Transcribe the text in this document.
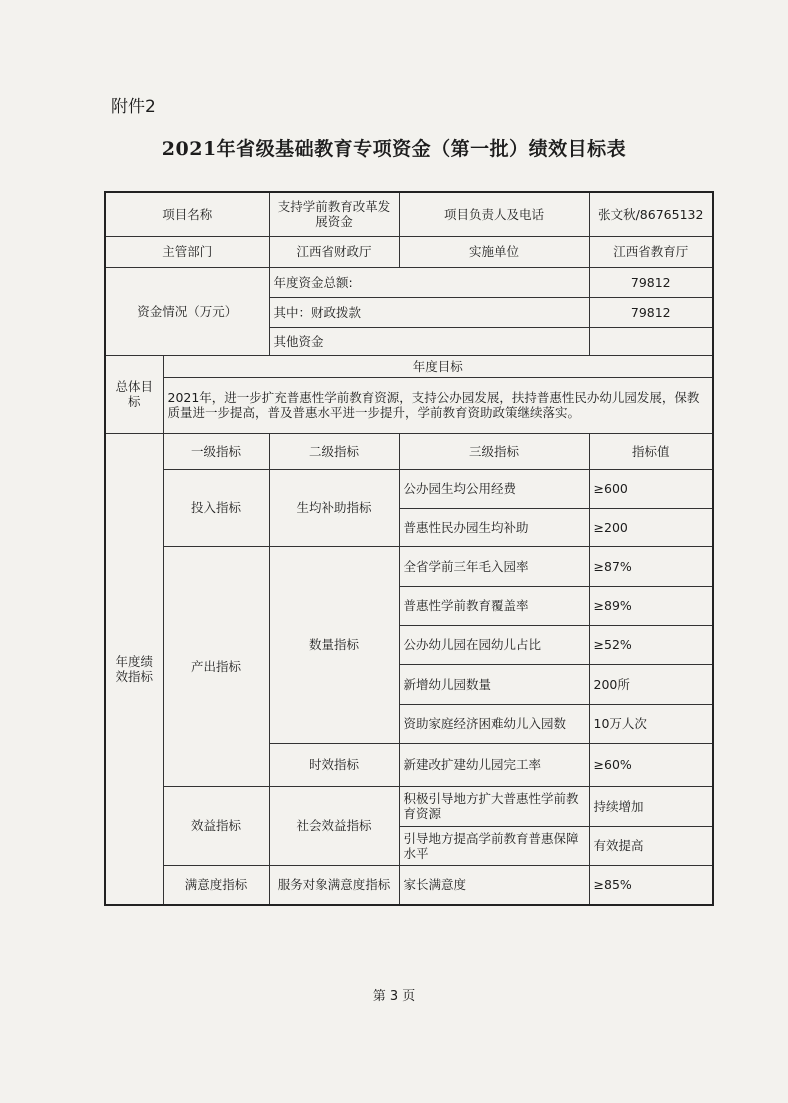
附件2
2021年省级基础教育专项资金（第一批）绩效目标表
项目名称		支持学前教育改革发展资金	项目负责人及电话	张文秋/86765132
主管部门		江西省财政厅	实施单位	江西省教育厅
资金情况（万元）		年度资金总额:		79812
		其中：财政拨款		79812
		其他资金		
总体目标	年度目标			
	2021年，进一步扩充普惠性学前教育资源，支持公办园发展，扶持普惠性民办幼儿园发展，保教质量进一步提高，普及普惠水平进一步提升，学前教育资助政策继续落实。			
年度绩效指标	一级指标	二级指标	三级指标	指标值
	投入指标	生均补助指标	公办园生均公用经费	≥600
			普惠性民办园生均补助	≥200
	产出指标	数量指标	全省学前三年毛入园率	≥87%
			普惠性学前教育覆盖率	≥89%
			公办幼儿园在园幼儿占比	≥52%
			新增幼儿园数量	200所
			资助家庭经济困难幼儿入园数	10万人次
		时效指标	新建改扩建幼儿园完工率	≥60%
	效益指标	社会效益指标	积极引导地方扩大普惠性学前教育资源	持续增加
			引导地方提高学前教育普惠保障水平	有效提高
	满意度指标	服务对象满意度指标	家长满意度	≥85%
第 3 页
